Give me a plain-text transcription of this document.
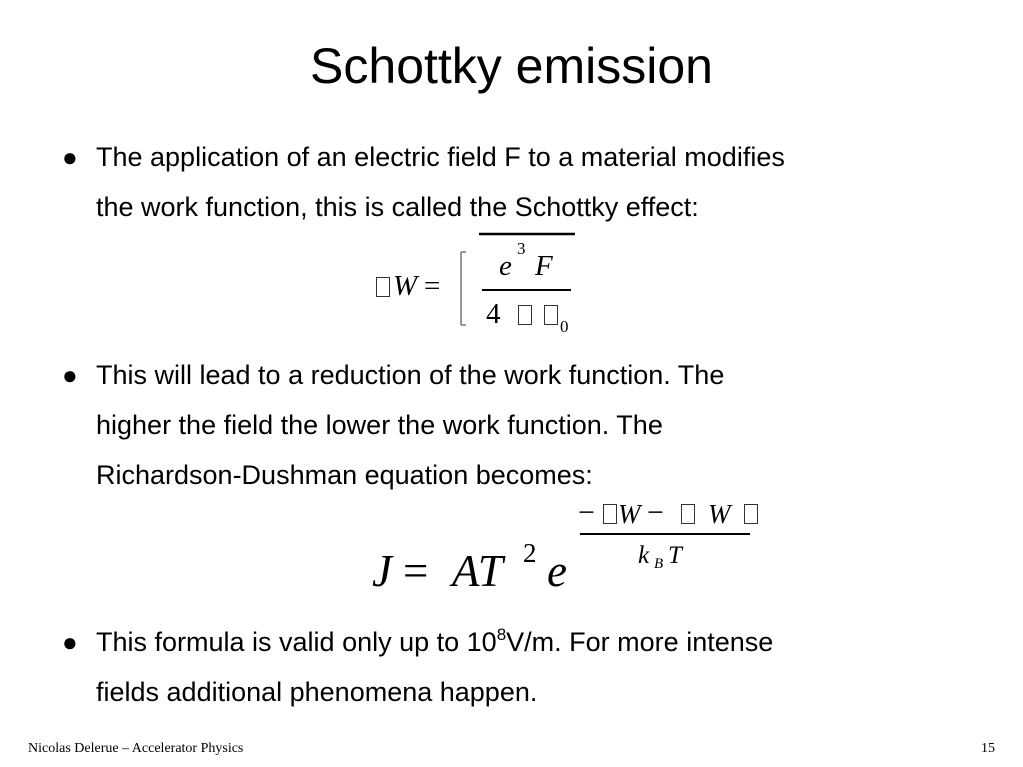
Schottky emission
● The application of an electric field F to a material modifies
the work function, this is called the Schottky effect:
W =
e
3
F
4	0
● This will lead to a reduction of the work function. The
higher the field the lower the work function. The
Richardson-Dushman equation becomes:
J = AT 2 e
− W − W
k B T
● This formula is valid only up to $10^8V/m$. For more intense
fields additional phenomena happen.
Nicolas Delerue – Accelerator Physics	15
